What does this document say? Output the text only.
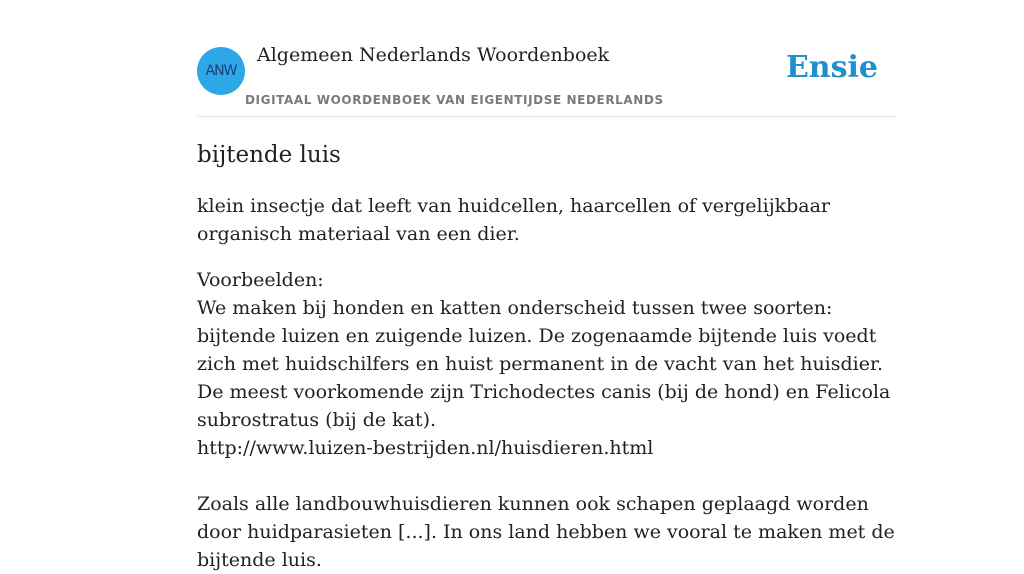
ANW
Algemeen Nederlands Woordenboek
DIGITAAL WOORDENBOEK VAN EIGENTIJDSE NEDERLANDS
Ensie
bijtende luis

klein insectje dat leeft van huidcellen, haarcellen of vergelijkbaar organisch materiaal van een dier.

Voorbeelden:
We maken bij honden en katten onderscheid tussen twee soorten: bijtende luizen en zuigende luizen. De zogenaamde bijtende luis voedt zich met huidschilfers en huist permanent in de vacht van het huisdier. De meest voorkomende zijn Trichodectes canis (bij de hond) en Felicola subrostratus (bij de kat).
http://www.luizen-bestrijden.nl/huisdieren.html

Zoals alle landbouwhuisdieren kunnen ook schapen geplaagd worden door huidparasieten [...]. In ons land hebben we vooral te maken met de bijtende luis.
